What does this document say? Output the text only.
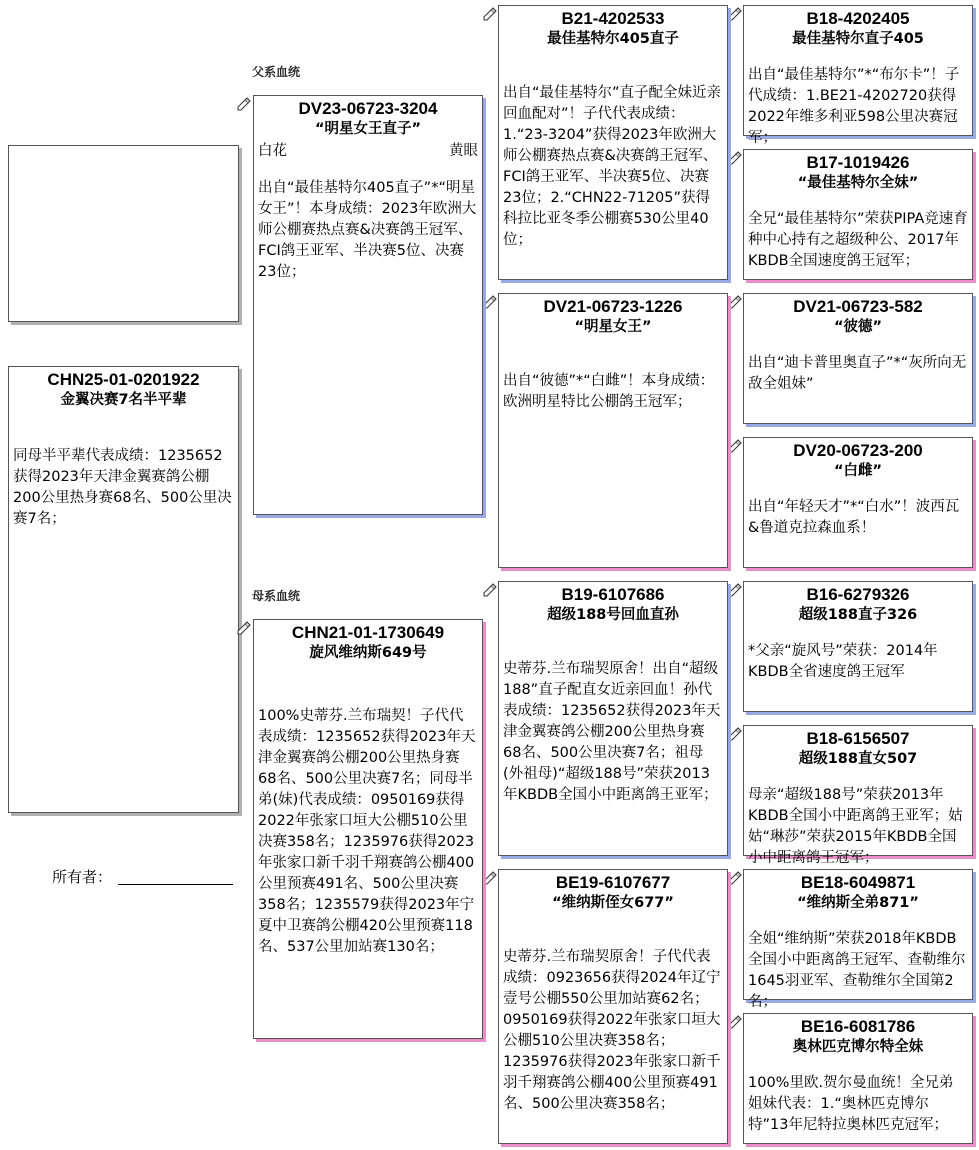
父系血统
母系血统
CHN25-01-0201922
金翼决赛7名半平辈
同母半平辈代表成绩：1235652获得2023年天津金翼赛鸽公棚200公里热身赛68名、500公里决赛7名；
所有者：
DV23-06723-3204
“明星女王直子”
白花	黄眼
出自“最佳基特尔405直子”*“明星女王”！本身成绩：2023年欧洲大师公棚赛热点赛&决赛鸽王冠军、FCI鸽王亚军、半决赛5位、决赛23位；
CHN21-01-1730649
旋风维纳斯649号
100%史蒂芬.兰布瑞契！子代代表成绩：1235652获得2023年天津金翼赛鸽公棚200公里热身赛68名、500公里决赛7名；同母半弟(妹)代表成绩：0950169获得2022年张家口垣大公棚510公里决赛358名；1235976获得2023年张家口新千羽千翔赛鸽公棚400公里预赛491名、500公里决赛358名；1235579获得2023年宁夏中卫赛鸽公棚420公里预赛118名、537公里加站赛130名；
B21-4202533
最佳基特尔405直子
出自“最佳基特尔”直子配全妹近亲回血配对”！子代代表成绩：1.“23-3204”获得2023年欧洲大师公棚赛热点赛&决赛鸽王冠军、FCI鸽王亚军、半决赛5位、决赛23位；2.“CHN22-71205”获得科拉比亚冬季公棚赛530公里40位；
DV21-06723-1226
“明星女王”
出自“彼德”*“白雌”！本身成绩：欧洲明星特比公棚鸽王冠军；
B19-6107686
超级188号回血直孙
史蒂芬.兰布瑞契原舍！出自“超级188”直子配直女近亲回血！孙代表成绩：1235652获得2023年天津金翼赛鸽公棚200公里热身赛68名、500公里决赛7名；祖母(外祖母)“超级188号”荣获2013年KBDB全国小中距离鸽王亚军；
BE19-6107677
“维纳斯侄女677”
史蒂芬.兰布瑞契原舍！子代代表成绩：0923656获得2024年辽宁壹号公棚550公里加站赛62名；0950169获得2022年张家口垣大公棚510公里决赛358名；1235976获得2023年张家口新千羽千翔赛鸽公棚400公里预赛491名、500公里决赛358名；
B18-4202405
最佳基特尔直子405
出自“最佳基特尔”*“布尔卡”！子代成绩：1.BE21-4202720获得2022年维多利亚598公里决赛冠军；
B17-1019426
“最佳基特尔全妹”
全兄“最佳基特尔”荣获PIPA竞速育种中心持有之超级种公、2017年KBDB全国速度鸽王冠军；
DV21-06723-582
“彼德”
出自“迪卡普里奥直子”*“灰所向无敌全姐妹”
DV20-06723-200
“白雌”
出自“年轻天才”*“白水”！波西瓦&鲁道克拉森血系！
B16-6279326
超级188直子326
*父亲“旋风号”荣获：2014年KBDB全省速度鸽王冠军
B18-6156507
超级188直女507
母亲“超级188号”荣获2013年KBDB全国小中距离鸽王亚军；姑姑“琳莎”荣获2015年KBDB全国小中距离鸽王冠军；
BE18-6049871
“维纳斯全弟871”
全姐“维纳斯”荣获2018年KBDB全国小中距离鸽王冠军、查勒维尔1645羽亚军、查勒维尔全国第2名；
BE16-6081786
奥林匹克博尔特全妹
100%里欧.贺尔曼血统！全兄弟姐妹代表：1.“奥林匹克博尔特”13年尼特拉奥林匹克冠军；
